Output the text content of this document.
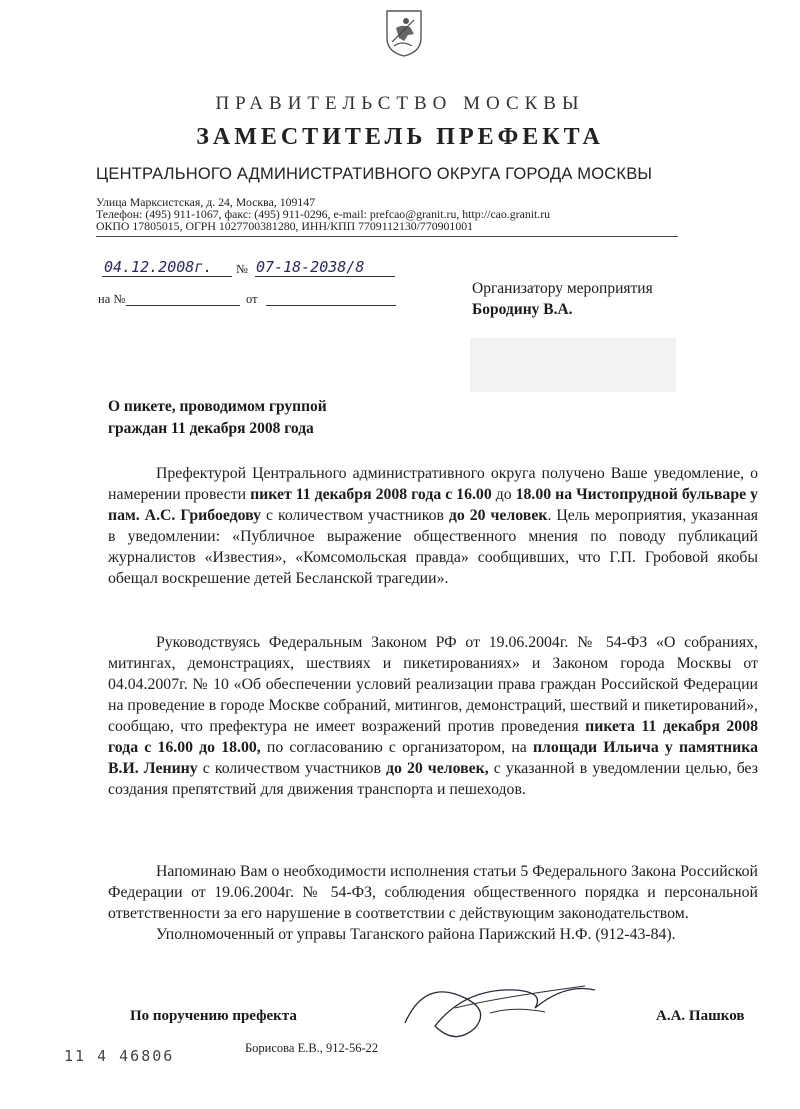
ПРАВИТЕЛЬСТВО МОСКВЫ
ЗАМЕСТИТЕЛЬ ПРЕФЕКТА
ЦЕНТРАЛЬНОГО АДМИНИСТРАТИВНОГО ОКРУГА ГОРОДА МОСКВЫ
Улица Марксистская, д. 24, Москва, 109147
Телефон: (495) 911-1067, факс: (495) 911-0296, e-mail: prefcao@granit.ru, http://cao.granit.ru
ОКПО 17805015, ОГРН 1027700381280, ИНН/КПП 7709112130/770901001
04.12.2008г. № 07-18-2038/8
на №	от
Организатору мероприятия
Бородину В.А.
О пикете, проводимом группой
граждан 11 декабря 2008 года
Префектурой Центрального административного округа получено Ваше уведомление, о намерении провести пикет 11 декабря 2008 года с 16.00 до 18.00 на Чистопрудной бульваре у пам. А.С. Грибоедову с количеством участников до 20 человек. Цель мероприятия, указанная в уведомлении: «Публичное выражение общественного мнения по поводу публикаций журналистов «Известия», «Комсомольская правда» сообщивших, что Г.П. Гробовой якобы обещал воскрешение детей Бесланской трагедии».
Руководствуясь Федеральным Законом РФ от 19.06.2004г. № 54-ФЗ «О собраниях, митингах, демонстрациях, шествиях и пикетированиях» и Законом города Москвы от 04.04.2007г. № 10 «Об обеспечении условий реализации права граждан Российской Федерации на проведение в городе Москве собраний, митингов, демонстраций, шествий и пикетирований», сообщаю, что префектура не имеет возражений против проведения пикета 11 декабря 2008 года с 16.00 до 18.00, по согласованию с организатором, на площади Ильича у памятника В.И. Ленину с количеством участников до 20 человек, с указанной в уведомлении целью, без создания препятствий для движения транспорта и пешеходов.
Напоминаю Вам о необходимости исполнения статьи 5 Федерального Закона Российской Федерации от 19.06.2004г. № 54-ФЗ, соблюдения общественного порядка и персональной ответственности за его нарушение в соответствии с действующим законодательством.
Уполномоченный от управы Таганского района Парижский Н.Ф. (912-43-84).
По поручению префекта	А.А. Пашков
11 4 46806	Борисова Е.В., 912-56-22
